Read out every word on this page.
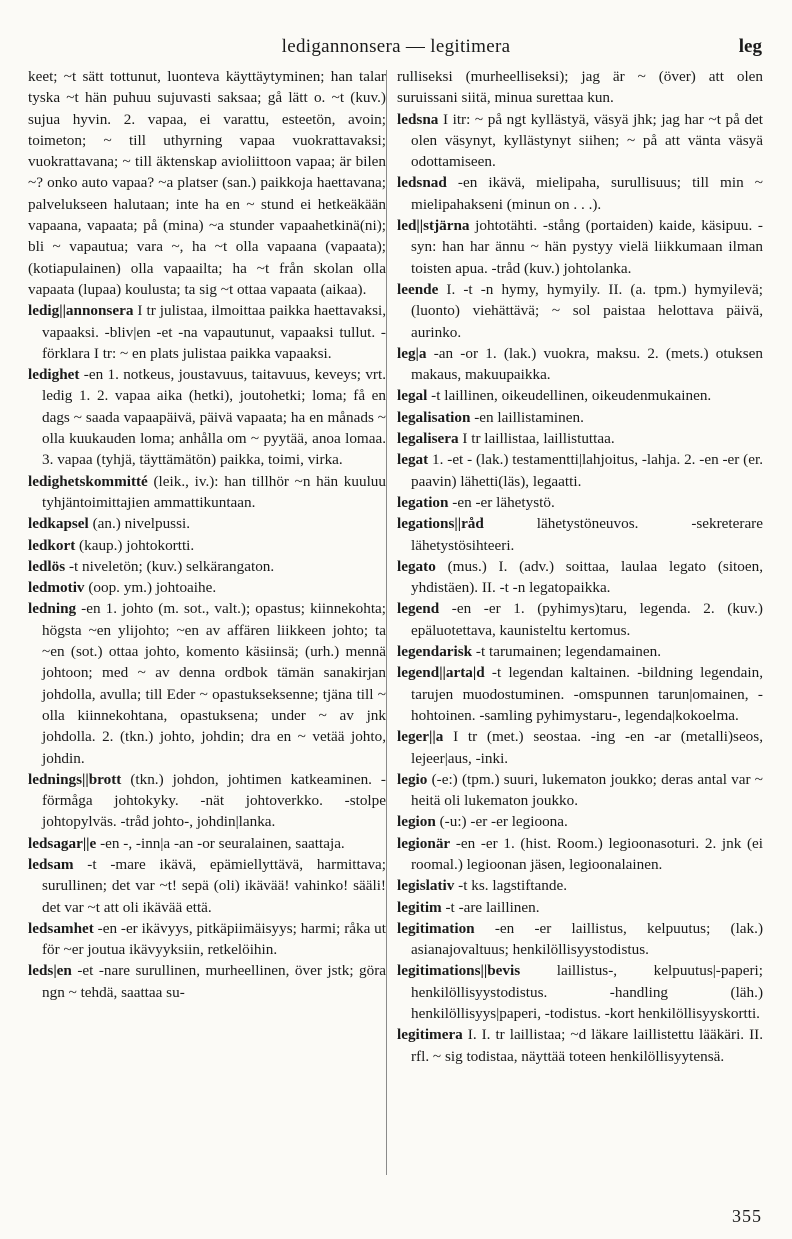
ledigannonsera — legitimera	leg

keet; ~t sätt tottunut, luonteva käyttäytyminen; han talar tyska ~t hän puhuu sujuvasti saksaa; gå lätt o. ~t (kuv.) sujua hyvin. 2. vapaa, ei varattu, esteetön, avoin; toimeton; ~ till uthyrning vapaa vuokrattavaksi; vuokrattavana; ~ till äktenskap avioliittoon vapaa; är bilen ~? onko auto vapaa? ~a platser (san.) paikkoja haettavana; palvelukseen halutaan; inte ha en ~ stund ei hetkeäkään vapaana, vapaata; på (mina) ~a stunder vapaahetkinä(ni); bli ~ vapautua; vara ~, ha ~t olla vapaana (vapaata); (kotiapulainen) olla vapaailta; ha ~t från skolan olla vapaata (lupaa) koulusta; ta sig ~t ottaa vapaata (aikaa).

ledig||annonsera I tr julistaa, ilmoittaa paikka haettavaksi, vapaaksi. -bliv|en -et -na vapautunut, vapaaksi tullut. -förklara I tr: ~ en plats julistaa paikka vapaaksi.

ledighet -en 1. notkeus, joustavuus, taitavuus, keveys; vrt. ledig 1. 2. vapaa aika (hetki), joutohetki; loma; få en dags ~ saada vapaapäivä, päivä vapaata; ha en månads ~ olla kuukauden loma; anhålla om ~ pyytää, anoa lomaa. 3. vapaa (tyhjä, täyttämätön) paikka, toimi, virka.

ledighetskommitté (leik., iv.): han tillhör ~n hän kuuluu tyhjäntoimittajien ammattikuntaan.

ledkapsel (an.) nivelpussi.

ledkort (kaup.) johtokortti.

ledlös -t niveletön; (kuv.) selkärangaton.

ledmotiv (oop. ym.) johtoaihe.

ledning -en 1. johto (m. sot., valt.); opastus; kiinnekohta; högsta ~en ylijohto; ~en av affären liikkeen johto; ta ~en (sot.) ottaa johto, komento käsiinsä; (urh.) mennä johtoon; med ~ av denna ordbok tämän sanakirjan johdolla, avulla; till Eder ~ opastukseksenne; tjäna till ~ olla kiinnekohtana, opastuksena; under ~ av jnk johdolla. 2. (tkn.) johto, johdin; dra en ~ vetää johto, johdin.

lednings||brott (tkn.) johdon, johtimen katkeaminen. -förmåga johtokyky. -nät johtoverkko. -stolpe johtopylväs. -tråd johto-, johdin|lanka.

ledsagar||e -en -, -inn|a -an -or seuralainen, saattaja.

ledsam -t -mare ikävä, epämiellyttävä, harmittava; surullinen; det var ~t! sepä (oli) ikävää! vahinko! sääli! det var ~t att oli ikävää että.

ledsamhet -en -er ikävyys, pitkäpiimäisyys; harmi; råka ut för ~er joutua ikävyyksiin, retkelöihin.

leds|en -et -nare surullinen, murheellinen, över jstk; göra ngn ~ tehdä, saattaa su-

rulliseksi (murheelliseksi); jag är ~ (över) att olen suruissani siitä, minua surettaa kun.

ledsna I itr: ~ på ngt kyllästyä, väsyä jhk; jag har ~t på det olen väsynyt, kyllästynyt siihen; ~ på att vänta väsyä odottamiseen.

ledsnad -en ikävä, mielipaha, surullisuus; till min ~ mielipahakseni (minun on . . .).

led||stjärna johtotähti. -stång (portaiden) kaide, käsipuu. -syn: han har ännu ~ hän pystyy vielä liikkumaan ilman toisten apua. -tråd (kuv.) johtolanka.

leende I. -t -n hymy, hymyily. II. (a. tpm.) hymyilevä; (luonto) viehättävä; ~ sol paistaa helottava päivä, aurinko.

leg|a -an -or 1. (lak.) vuokra, maksu. 2. (mets.) otuksen makaus, makuupaikka.

legal -t laillinen, oikeudellinen, oikeudenmukainen.

legalisation -en laillistaminen.

legalisera I tr laillistaa, laillistuttaa.

legat 1. -et - (lak.) testamentti|lahjoitus, -lahja. 2. -en -er (er. paavin) lähetti(läs), legaatti.

legation -en -er lähetystö.

legations||råd lähetystöneuvos. -sekreterare lähetystösihteeri.

legato (mus.) I. (adv.) soittaa, laulaa legato (sitoen, yhdistäen). II. -t -n legatopaikka.

legend -en -er 1. (pyhimys)taru, legenda. 2. (kuv.) epäluotettava, kaunisteltu kertomus.

legendarisk -t tarumainen; legendamainen.

legend||arta|d -t legendan kaltainen. -bildning legendain, tarujen muodostuminen. -omspunnen tarun|omainen, -hohtoinen. -samling pyhimystaru-, legenda|kokoelma.

leger||a I tr (met.) seostaa. -ing -en -ar (metalli)seos, lejeer|aus, -inki.

legio (-e:) (tpm.) suuri, lukematon joukko; deras antal var ~ heitä oli lukematon joukko.

legion (-u:) -er -er legioona.

legionär -en -er 1. (hist. Room.) legioonasoturi. 2. jnk (ei roomal.) legioonan jäsen, legioonalainen.

legislativ -t ks. lagstiftande.

legitim -t -are laillinen.

legitimation -en -er laillistus, kelpuutus; (lak.) asianajovaltuus; henkilöllisyystodistus.

legitimations||bevis laillistus-, kelpuutus|-paperi; henkilöllisyystodistus. -handling (läh.) henkilöllisyys|paperi, -todistus. -kort henkilöllisyyskortti.

legitimera I. I. tr laillistaa; ~d läkare laillistettu lääkäri. II. rfl. ~ sig todistaa, näyttää toteen henkilöllisyytensä.

355
